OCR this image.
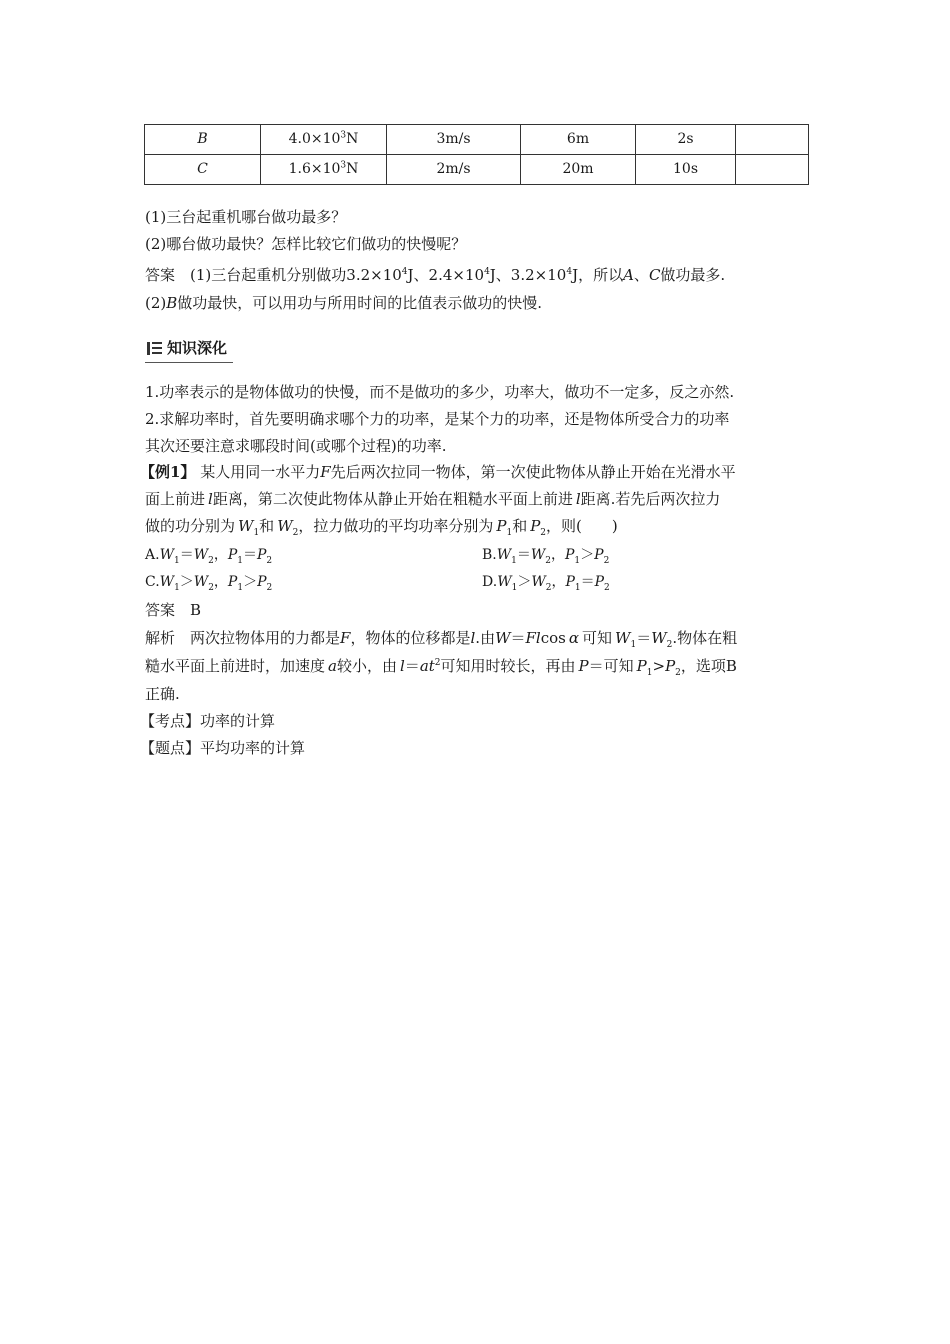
B	$4.0\times 10^3N$	3m/s	6m	2s	
C	$1.6\times 10^3N$	2m/s	20m	10s	
(1)三台起重机哪台做功最多？
(2)哪台做功最快？怎样比较它们做功的快慢呢？
答案　 (1)三台起重机分别做功$3.2\times 10^4J$、$2.4\times 10^4J$、$3.2\times 10^4J$，所以A、C做功最多.
(2)B做功最快，可以用功与所用时间的比值表示做功的快慢.
知识深化
1.功率表示的是物体做功的快慢，而不是做功的多少，功率大，做功不一定多，反之亦然.
2.求解功率时，首先要明确求哪个力的功率，是某个力的功率，还是物体所受合力的功率
其次还要注意求哪段时间(或哪个过程)的功率.
【例1】 某人用同一水平力F先后两次拉同一物体，第一次使此物体从静止开始在光滑水平
面上前进  l距离，第二次使此物体从静止开始在粗糙水平面上前进  l距离.若先后两次拉力
做的功分别为  $W_1$和  $W_2$，拉力做功的平均功率分别为  $P_1$和  $P_2$，则(　　)
$A.W_1=W_2$，$P_1=P_2$	$B.W_1=W_2$，$P_1>P_2$
$C.W_1>W_2$，$P_1>P_2$	$D.W_1>W_2$，$P_1=P_2$
答案　 B
解析　 两次拉物体用的力都是F，物体的位移都是l.由W＝Flcos  α  可知  $W_1=W_2$.物体在粗
糙水平面上前进时，加速度  a较小，由  $l=at^2$可知用时较长，再由  P＝可知  $P_1>P_2$，选项B
正确.
【考点】功率的计算
【题点】平均功率的计算
